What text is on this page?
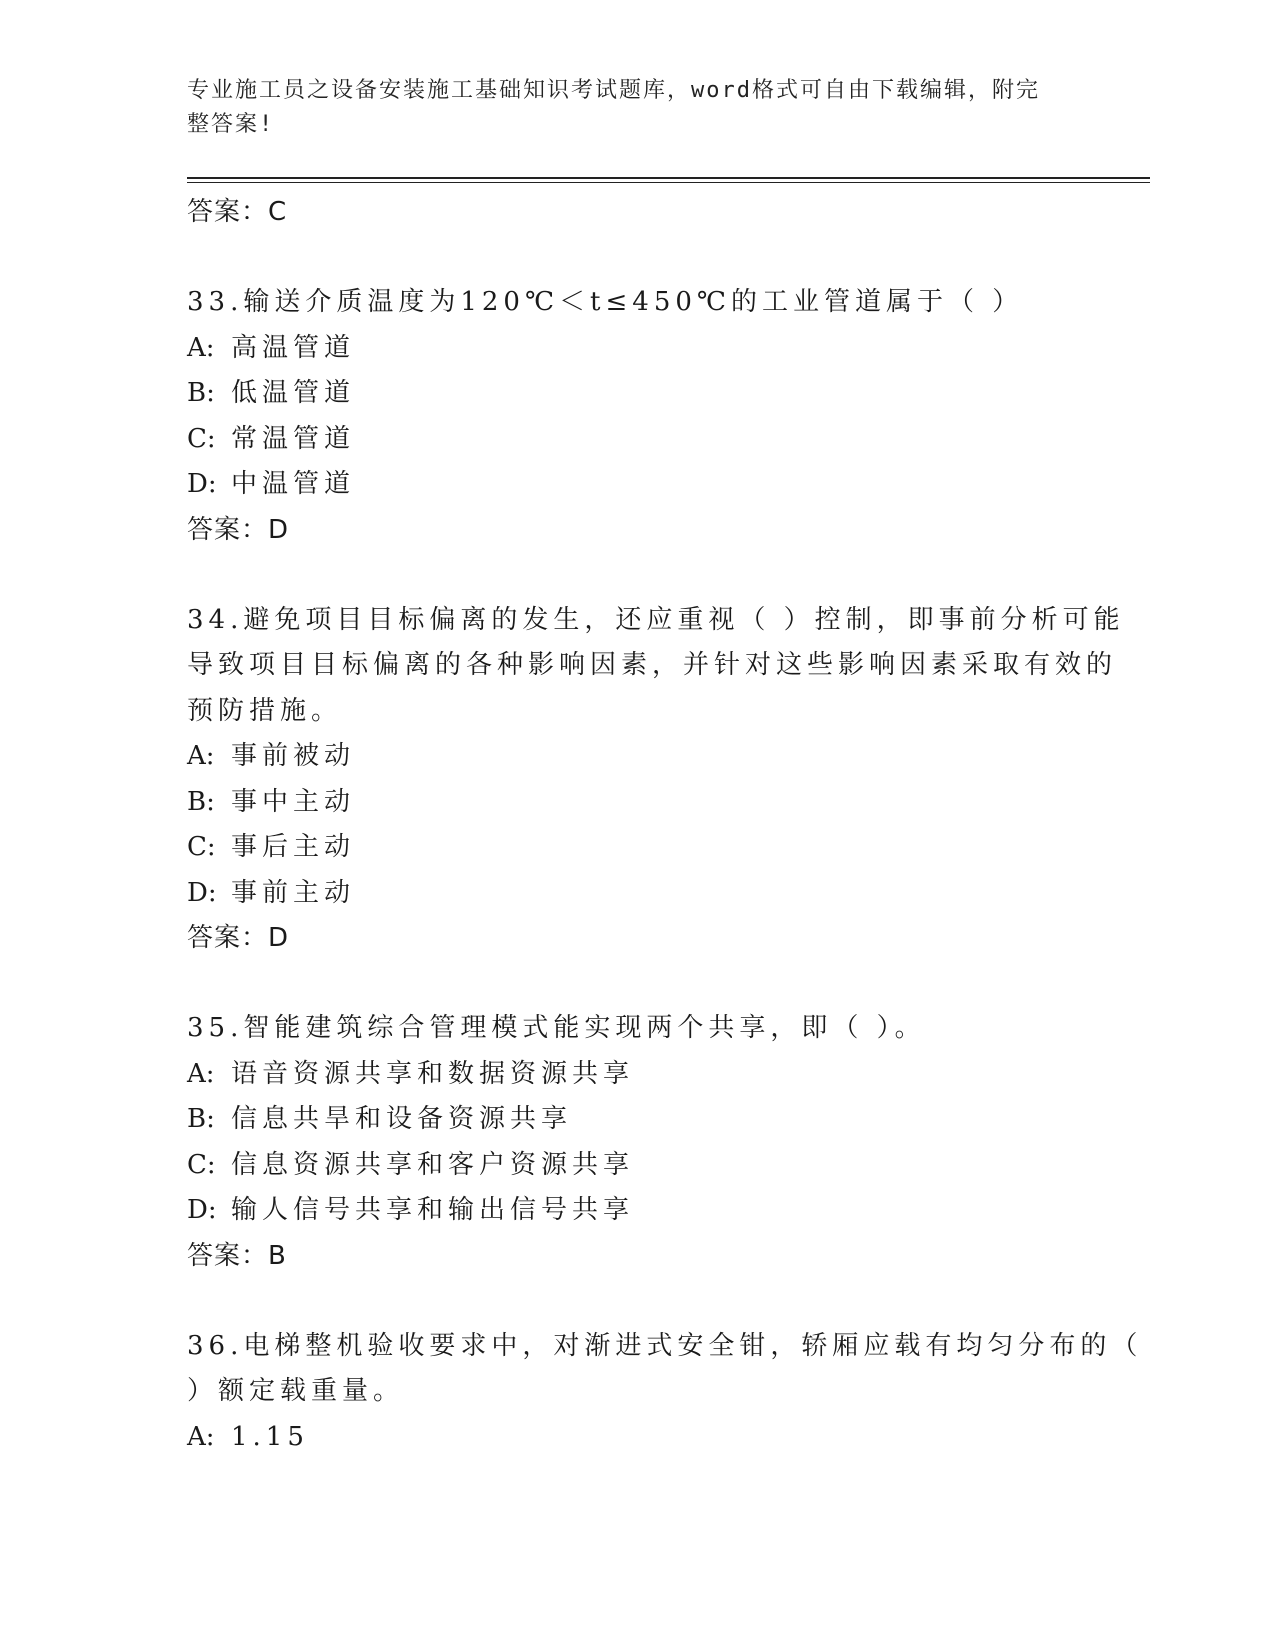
专业施工员之设备安装施工基础知识考试题库，word格式可自由下载编辑，附完
整答案!
答案：C
33.输送介质温度为120℃＜t≤450℃的工业管道属于（ ）
A: 高温管道
B: 低温管道
C: 常温管道
D: 中温管道
答案：D
34.避免项目目标偏离的发生，还应重视（ ）控制，即事前分析可能
导致项目目标偏离的各种影响因素，并针对这些影响因素采取有效的
预防措施。
A: 事前被动
B: 事中主动
C: 事后主动
D: 事前主动
答案：D
35.智能建筑综合管理模式能实现两个共享，即（ ）。
A: 语音资源共享和数据资源共享
B: 信息共旱和设备资源共享
C: 信息资源共享和客户资源共享
D: 输人信号共享和输出信号共享
答案：B
36.电梯整机验收要求中，对渐进式安全钳，轿厢应载有均匀分布的（
）额定载重量。
A: 1.15
